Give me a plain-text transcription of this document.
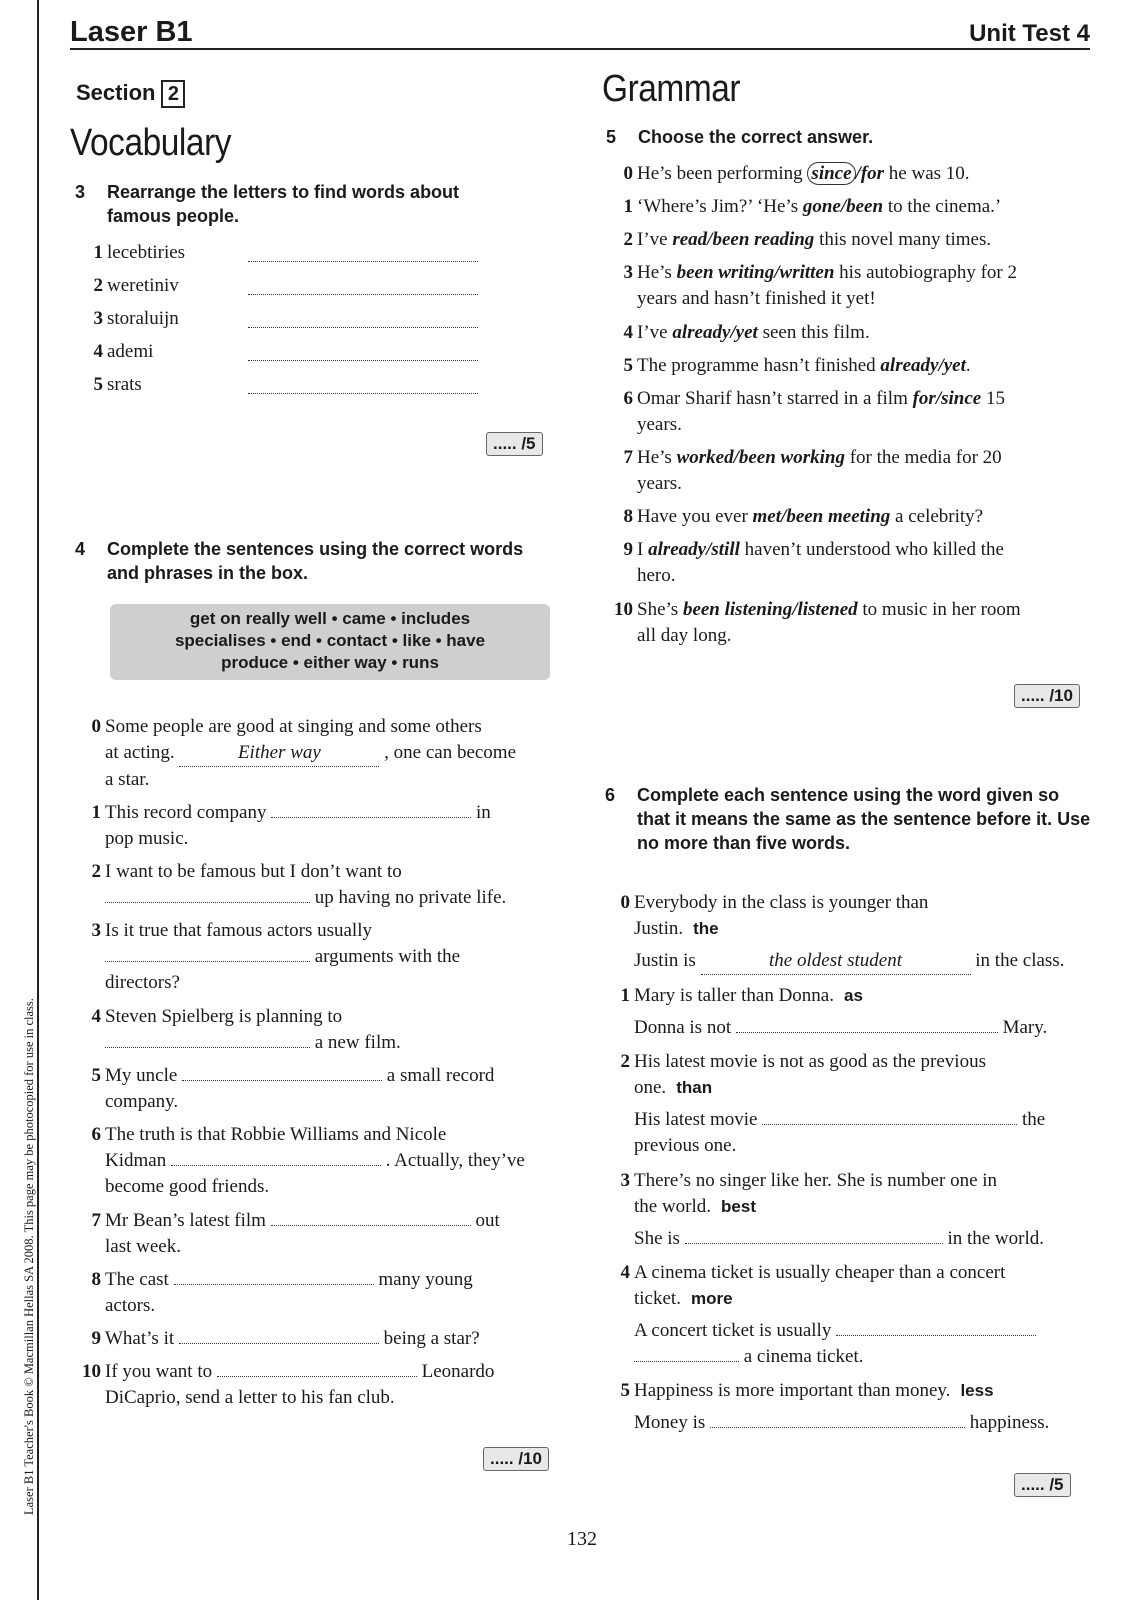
Laser B1 Teacher's Book © Macmillan Hellas SA 2008. This page may be photocopied for use in class.
Laser B1	Unit Test 4
Section 2
Vocabulary
3 Rearrange the letters to find words about famous people.
1 lecebtiries
2 weretiniv
3 storaluijn
4 ademi
5 srats
..... /5
4 Complete the sentences using the correct words and phrases in the box.
get on really well • came • includes
specialises • end • contact • like • have
produce • either way • runs
0 Some people are good at singing and some others
at acting.	Either way	, one can become
a star.
1 This record company	in
pop music.
2 I want to be famous but I don’t want to
up having no private life.
3 Is it true that famous actors usually
arguments with the
directors?
4 Steven Spielberg is planning to
a new film.
5 My uncle	a small record
company.
6 The truth is that Robbie Williams and Nicole
Kidman	. Actually, they’ve
become good friends.
7 Mr Bean’s latest film	out
last week.
8 The cast	many young
actors.
9 What’s it	being a star?
10 If you want to	Leonardo
DiCaprio, send a letter to his fan club.
..... /10
Grammar
5 Choose the correct answer.
0 He’s been performing since /for he was 10.
1 ‘Where’s Jim?’ ‘He’s gone/been to the cinema.’
2 I’ve read/been reading this novel many times.
3 He’s been writing/written his autobiography for 2
years and hasn’t finished it yet!
4 I’ve already/yet seen this film.
5 The programme hasn’t finished already/yet.
6 Omar Sharif hasn’t starred in a film for/since 15
years.
7 He’s worked/been working for the media for 20
years.
8 Have you ever met/been meeting a celebrity?
9 I already/still haven’t understood who killed the
hero.
10 She’s been listening/listened to music in her room
all day long.
..... /10
6 Complete each sentence using the word given so that it means the same as the sentence before it. Use no more than five words.
0 Everybody in the class is younger than
Justin. the
Justin is	the oldest student	in the class.
1 Mary is taller than Donna. as
Donna is not	Mary.
2 His latest movie is not as good as the previous
one. than
His latest movie	the
previous one.
3 There’s no singer like her. She is number one in
the world. best
She is	in the world.
4 A cinema ticket is usually cheaper than a concert
ticket. more
A concert ticket is usually
a cinema ticket.
5 Happiness is more important than money. less
Money is	happiness.
..... /5
132
